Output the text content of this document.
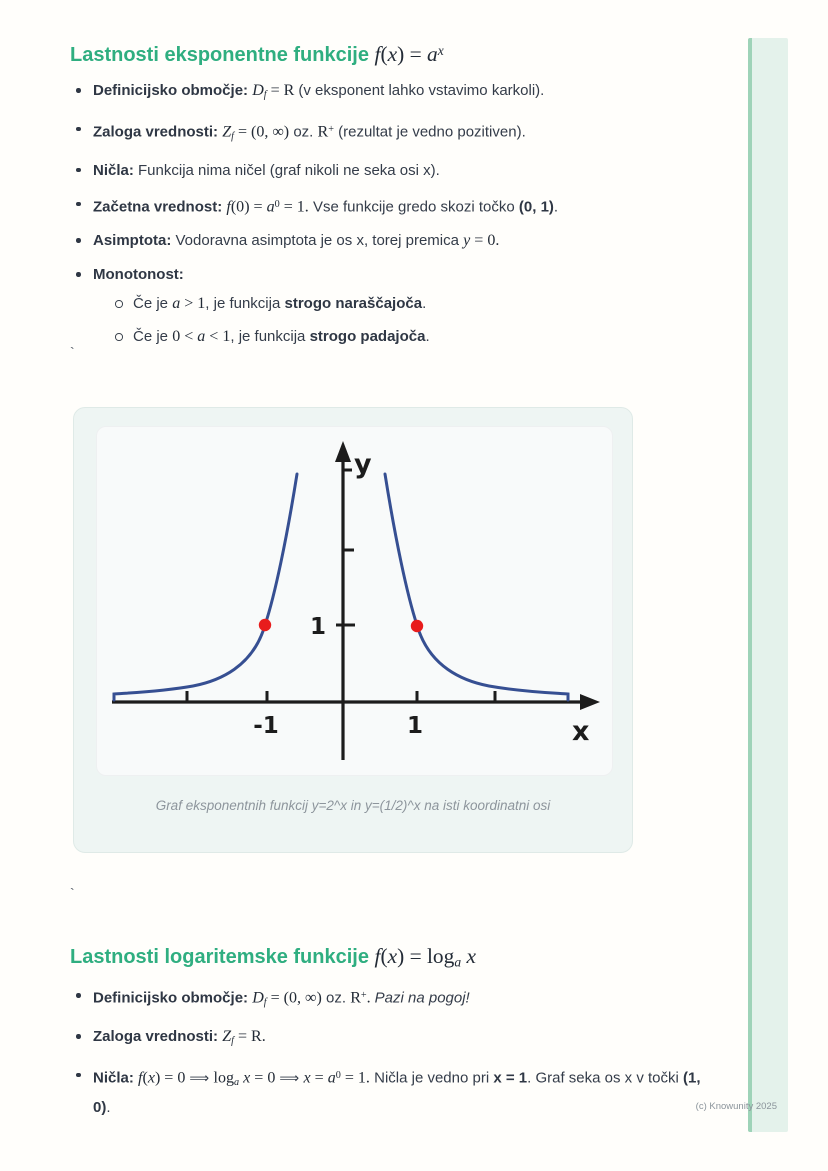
Lastnosti eksponentne funkcije $f(x) = a^x$
Definicijsko območje: Df = R (v eksponent lahko vstavimo karkoli).
Zaloga vrednosti: Zf = (0, ∞) oz. R+ (rezultat je vedno pozitiven).
Ničla: Funkcija nima ničel (graf nikoli ne seka osi x).
Začetna vrednost: $f(0) = a^0 = 1$. Vse funkcije gredo skozi točko (0, 1).
Asimptota: Vodoravna asimptota je os x, torej premica y = 0.
Monotonost:
Če je a > 1, je funkcija strogo naraščajoča.
Če je 0 < a < 1, je funkcija strogo padajoča.
`
y
x
1
-1	1
Graf eksponentnih funkcij y=2^x in y=(1/2)^x na isti koordinatni osi
`
Lastnosti logaritemske funkcije f(x) = loga x
Definicijsko območje: Df = (0, ∞) oz. R+. Pazi na pogoj!
Zaloga vrednosti: Zf = R.
Ničla: f(x) = 0 ⟹ loga x = 0 ⟹ $x = a^0 = 1$. Ničla je vedno pri x = 1. Graf seka os x v točki (1, 0).	(c) Knowunity 2025
